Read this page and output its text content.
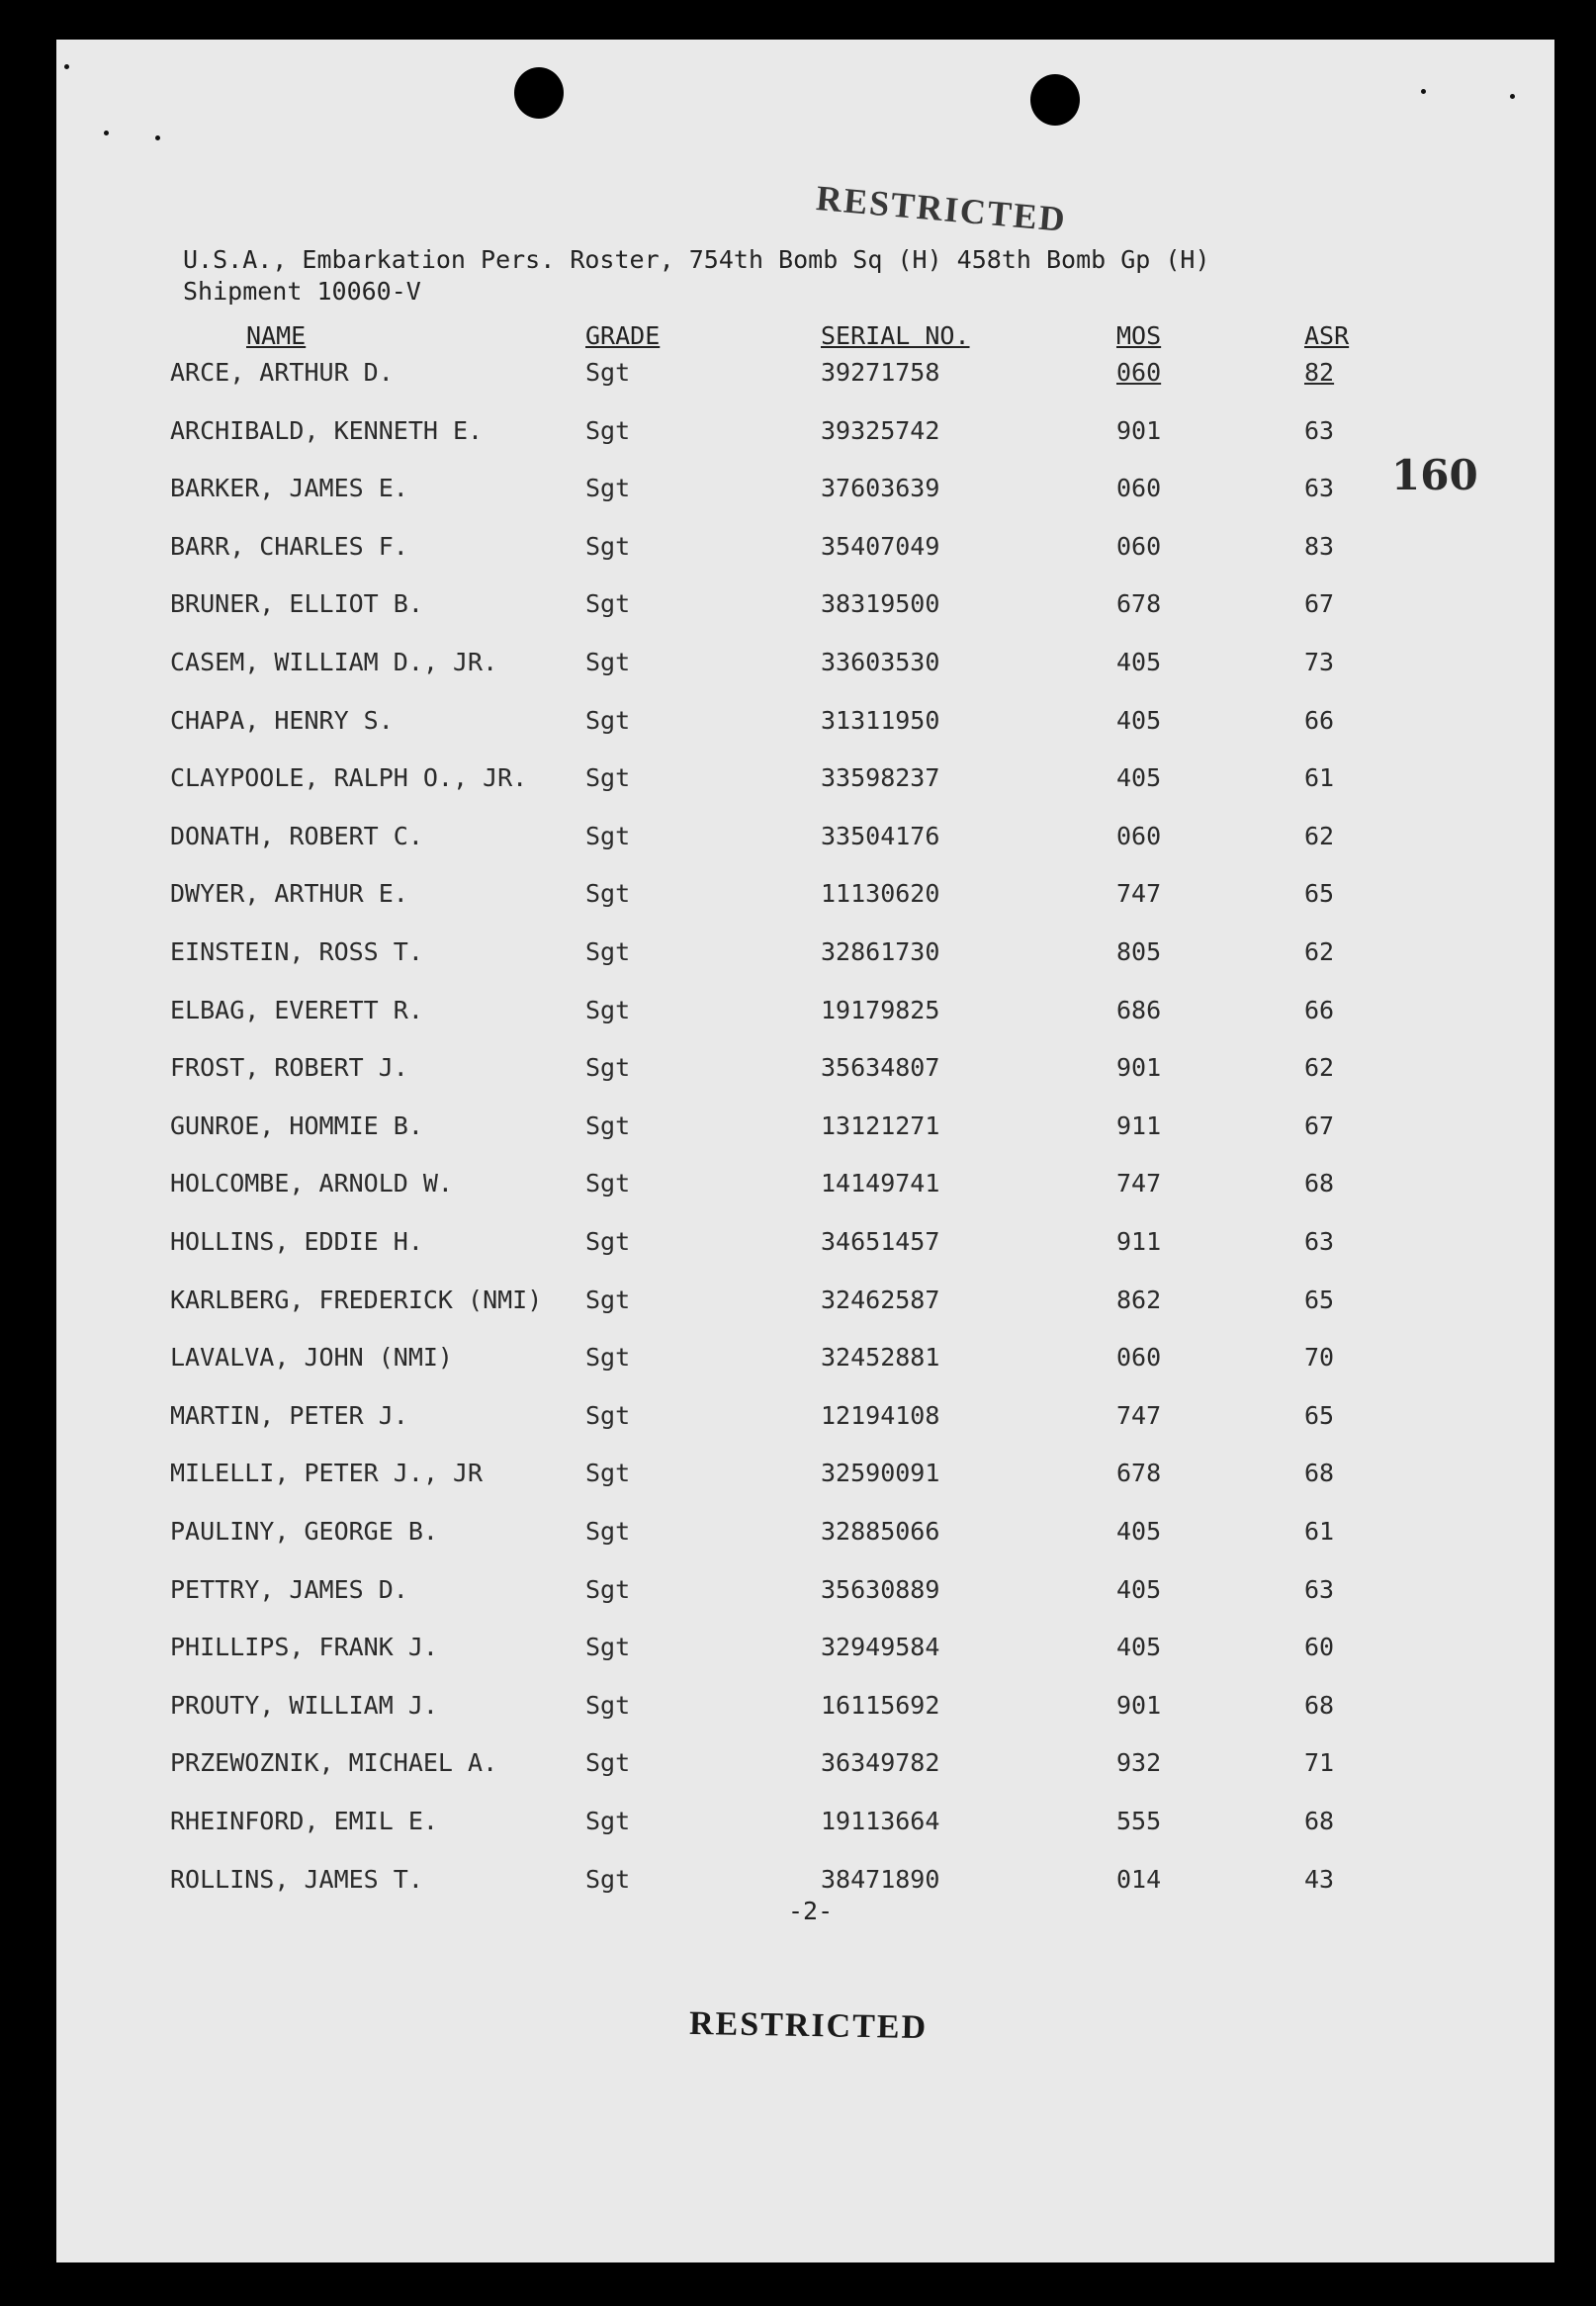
RESTRICTED
U.S.A., Embarkation Pers. Roster, 754th Bomb Sq (H) 458th Bomb Gp (H)
Shipment 10060-V
160
NAME	GRADE	SERIAL NO.	MOS	ASR
ARCE, ARTHUR D.	Sgt	39271758	060	82
ARCHIBALD, KENNETH E.	Sgt	39325742	901	63
BARKER, JAMES E.	Sgt	37603639	060	63
BARR, CHARLES F.	Sgt	35407049	060	83
BRUNER, ELLIOT B.	Sgt	38319500	678	67
CASEM, WILLIAM D., JR.	Sgt	33603530	405	73
CHAPA, HENRY S.	Sgt	31311950	405	66
CLAYPOOLE, RALPH O., JR. Sgt	33598237	405	61
DONATH, ROBERT C.	Sgt	33504176	060	62
DWYER, ARTHUR E.	Sgt	11130620	747	65
EINSTEIN, ROSS T.	Sgt	32861730	805	62
ELBAG, EVERETT R.	Sgt	19179825	686	66
FROST, ROBERT J.	Sgt	35634807	901	62
GUNROE, HOMMIE B.	Sgt	13121271	911	67
HOLCOMBE, ARNOLD W.	Sgt	14149741	747	68
HOLLINS, EDDIE H.	Sgt	34651457	911	63
KARLBERG, FREDERICK (NMI) Sgt	32462587	862	65
LAVALVA, JOHN (NMI)	Sgt	32452881	060	70
MARTIN, PETER J.	Sgt	12194108	747	65
MILELLI, PETER J., JR	Sgt	32590091	678	68
PAULINY, GEORGE B.	Sgt	32885066	405	61
PETTRY, JAMES D.	Sgt	35630889	405	63
PHILLIPS, FRANK J.	Sgt	32949584	405	60
PROUTY, WILLIAM J.	Sgt	16115692	901	68
PRZEWOZNIK, MICHAEL A.	Sgt	36349782	932	71
RHEINFORD, EMIL E.	Sgt	19113664	555	68
ROLLINS, JAMES T.	Sgt	38471890	014	43
-2-
RESTRICTED
